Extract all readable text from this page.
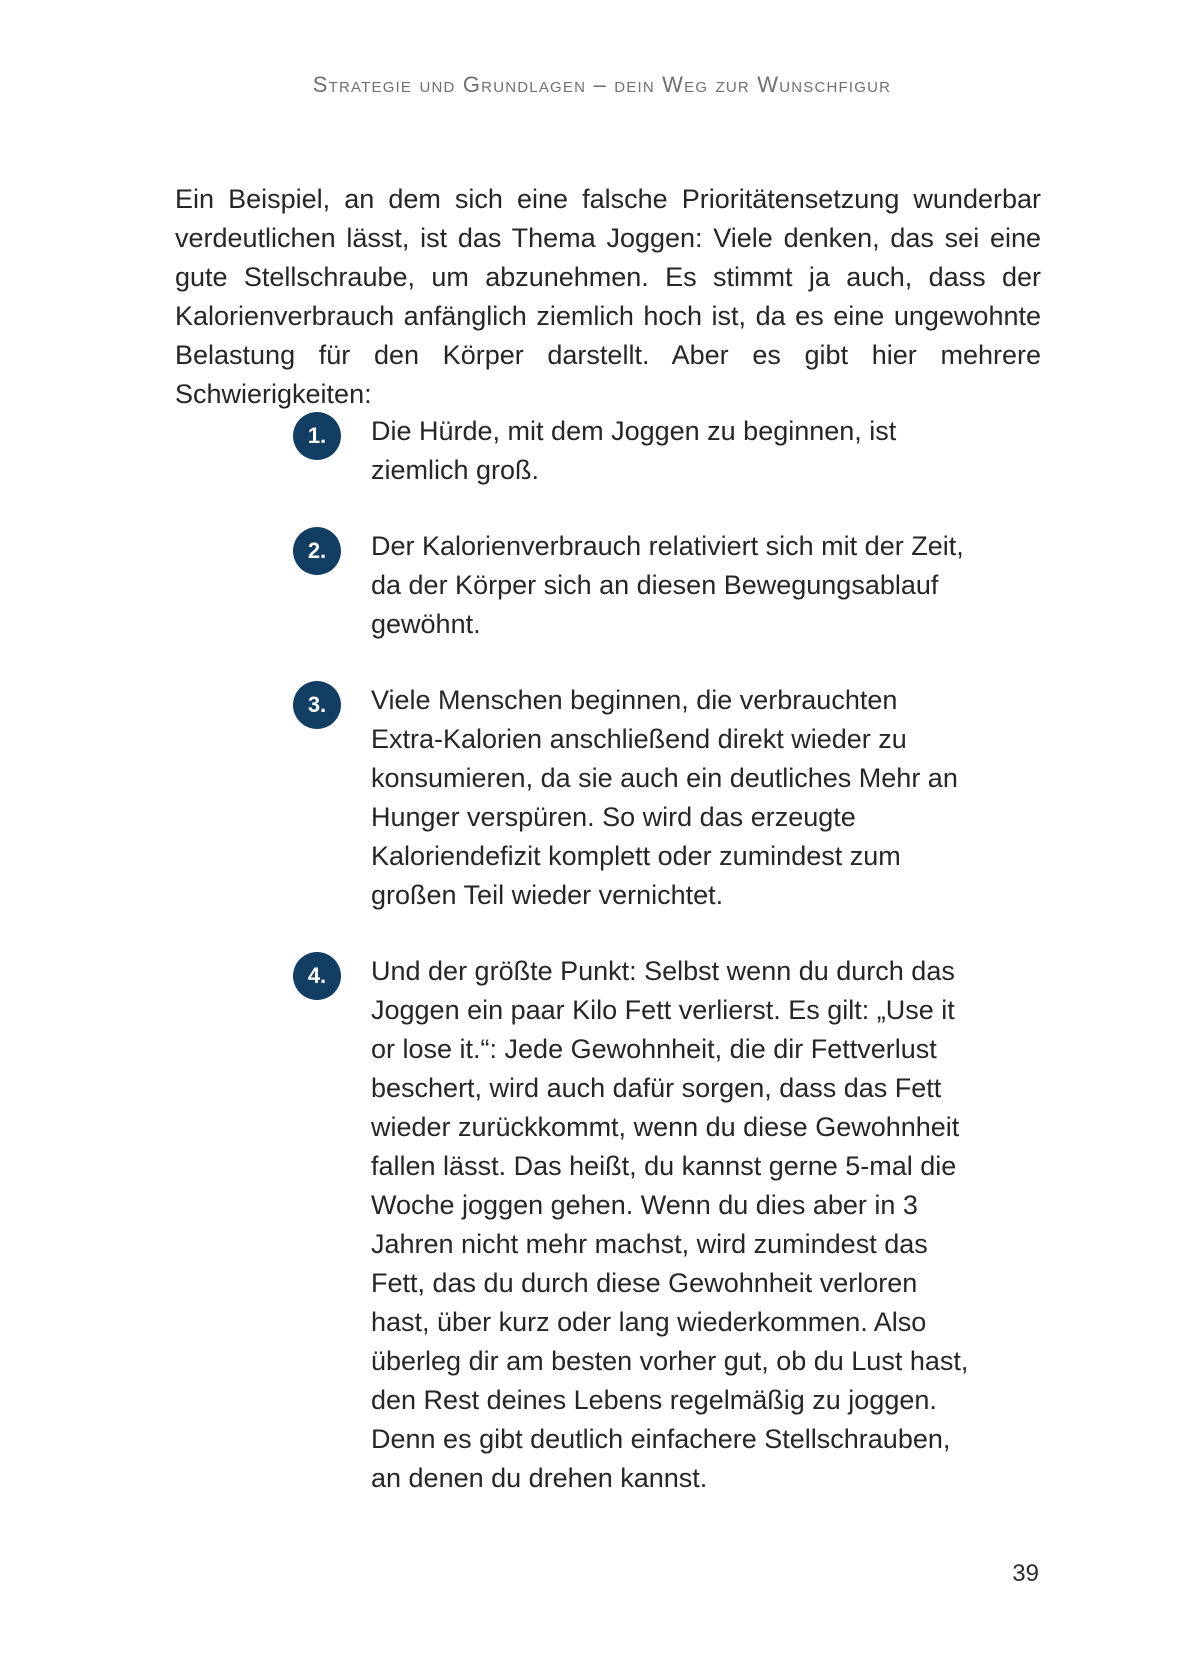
Strategie und Grundlagen – dein Weg zur Wunschfigur

Ein Beispiel, an dem sich eine falsche Prioritätensetzung wunderbar verdeutlichen lässt, ist das Thema Joggen: Viele denken, das sei eine gute Stellschraube, um abzunehmen. Es stimmt ja auch, dass der Kalorienverbrauch anfänglich ziemlich hoch ist, da es eine ungewohnte Belastung für den Körper darstellt. Aber es gibt hier mehrere Schwierigkeiten:

1.	Die Hürde, mit dem Joggen zu beginnen, ist ziemlich groß.

2.	Der Kalorienverbrauch relativiert sich mit der Zeit, da der Körper sich an diesen Bewegungsablauf gewöhnt.

3.	Viele Menschen beginnen, die verbrauchten Extra-Kalorien anschließend direkt wieder zu konsumieren, da sie auch ein deutliches Mehr an Hunger verspüren. So wird das erzeugte Kaloriendefizit komplett oder zumindest zum großen Teil wieder vernichtet.

4.	Und der größte Punkt: Selbst wenn du durch das Joggen ein paar Kilo Fett verlierst. Es gilt: „Use it or lose it.“: Jede Gewohnheit, die dir Fettverlust beschert, wird auch dafür sorgen, dass das Fett wieder zurückkommt, wenn du diese Gewohnheit fallen lässt. Das heißt, du kannst gerne 5-mal die Woche joggen gehen. Wenn du dies aber in 3 Jahren nicht mehr machst, wird zumindest das Fett, das du durch diese Gewohnheit verloren hast, über kurz oder lang wiederkommen. Also überleg dir am besten vorher gut, ob du Lust hast, den Rest deines Lebens regelmäßig zu joggen. Denn es gibt deutlich einfachere Stellschrauben, an denen du drehen kannst.

39
